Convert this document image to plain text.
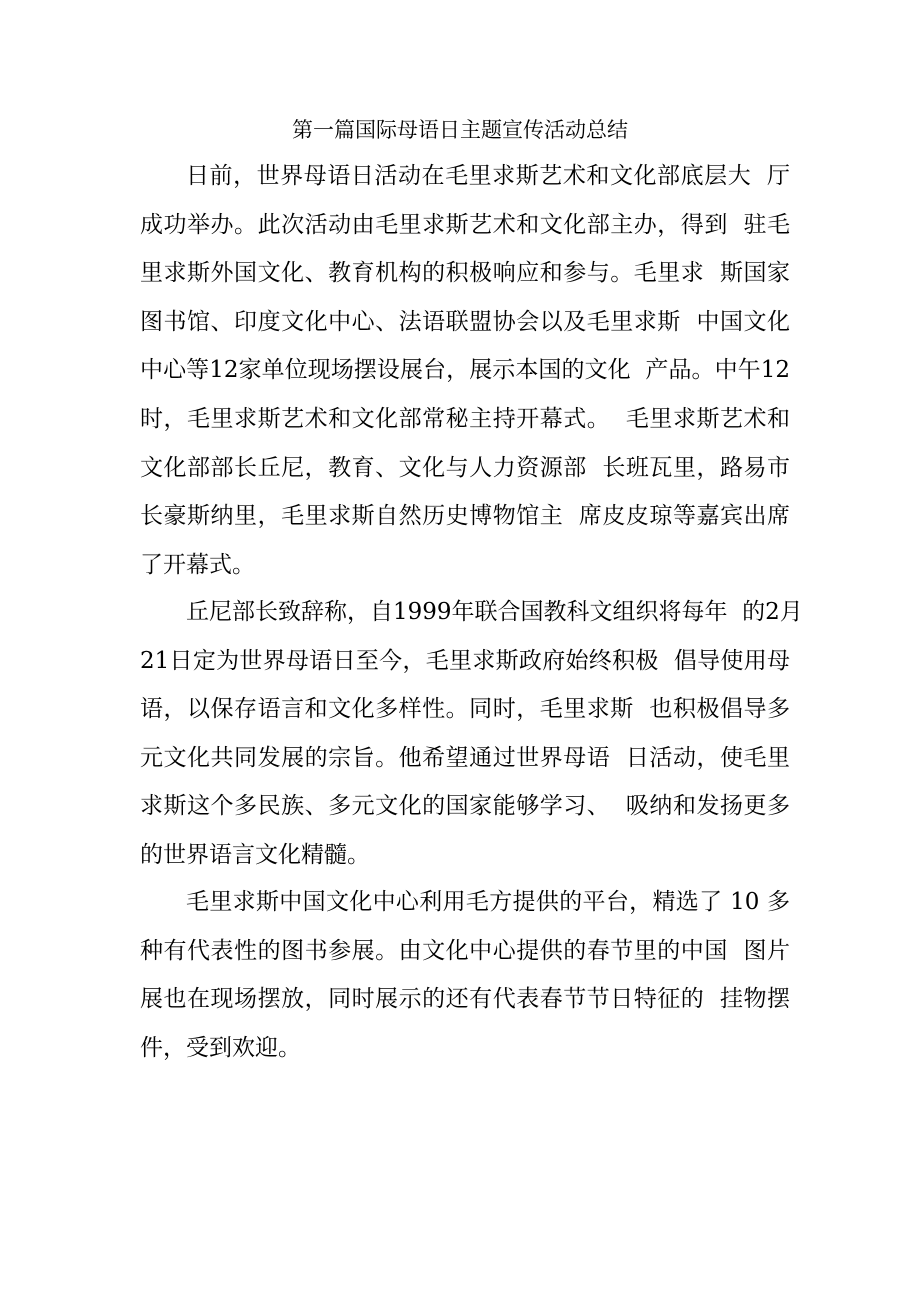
第一篇国际母语日主题宣传活动总结
日前，世界母语日活动在毛里求斯艺术和文化部底层大  厅
成功举办。此次活动由毛里求斯艺术和文化部主办，得到  驻毛
里求斯外国文化、教育机构的积极响应和参与。毛里求  斯国家
图书馆、印度文化中心、法语联盟协会以及毛里求斯  中国文化
中心等12家单位现场摆设展台，展示本国的文化  产品。中午12
时，毛里求斯艺术和文化部常秘主持开幕式。  毛里求斯艺术和
文化部部长丘尼，教育、文化与人力资源部  长班瓦里，路易市
长豪斯纳里，毛里求斯自然历史博物馆主  席皮皮琼等嘉宾出席
了开幕式。
丘尼部长致辞称，自1999年联合国教科文组织将每年  的2月
21日定为世界母语日至今，毛里求斯政府始终积极  倡导使用母
语，以保存语言和文化多样性。同时，毛里求斯  也积极倡导多
元文化共同发展的宗旨。他希望通过世界母语  日活动，使毛里
求斯这个多民族、多元文化的国家能够学习、  吸纳和发扬更多
的世界语言文化精髓。
毛里求斯中国文化中心利用毛方提供的平台，精选了 10 多
种有代表性的图书参展。由文化中心提供的春节里的中国  图片
展也在现场摆放，同时展示的还有代表春节节日特征的  挂物摆
件，受到欢迎。
